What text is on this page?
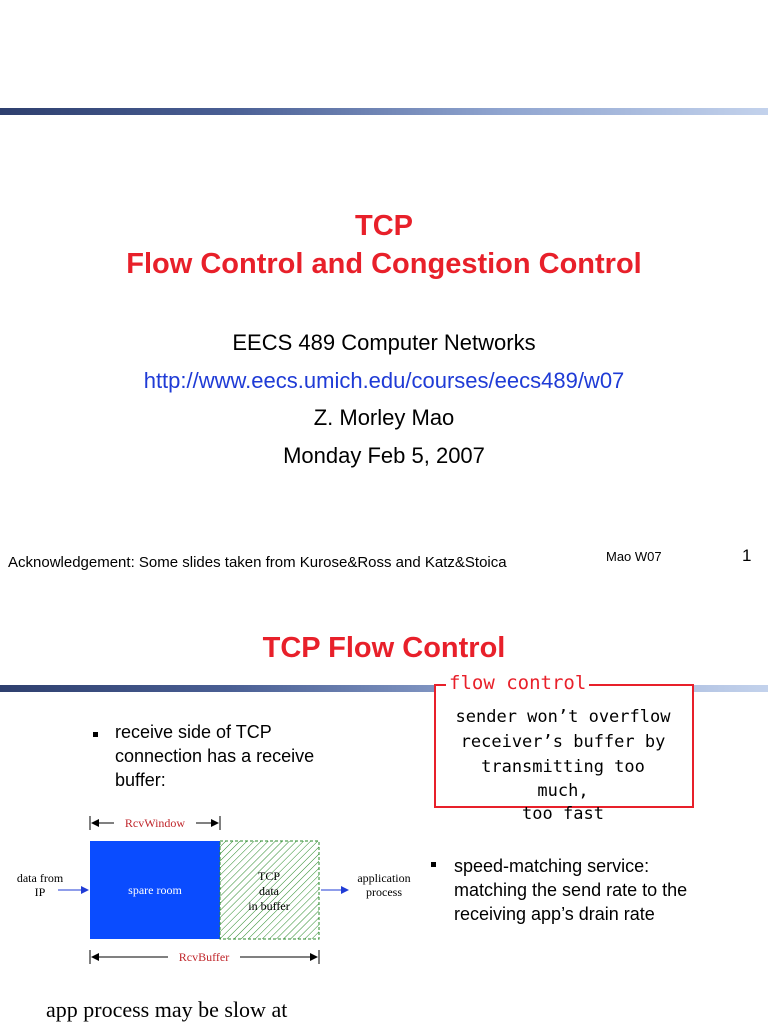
TCP
Flow Control and Congestion Control
EECS 489 Computer Networks
http://www.eecs.umich.edu/courses/eecs489/w07
Z. Morley Mao
Monday Feb 5, 2007
Acknowledgement: Some slides taken from Kurose&Ross and Katz&Stoica	Mao W07	1
TCP Flow Control
flow control
sender won’t overflow
receiver’s buffer by
transmitting too
much,
too fast
receive side of TCP
connection has a receive
buffer:
speed-matching service:
matching the send rate to the
receiving app’s drain rate
RcvWindow
spare room
TCP
data
in buffer
data from
IP
application
process
RcvBuffer
app process may be slow at
